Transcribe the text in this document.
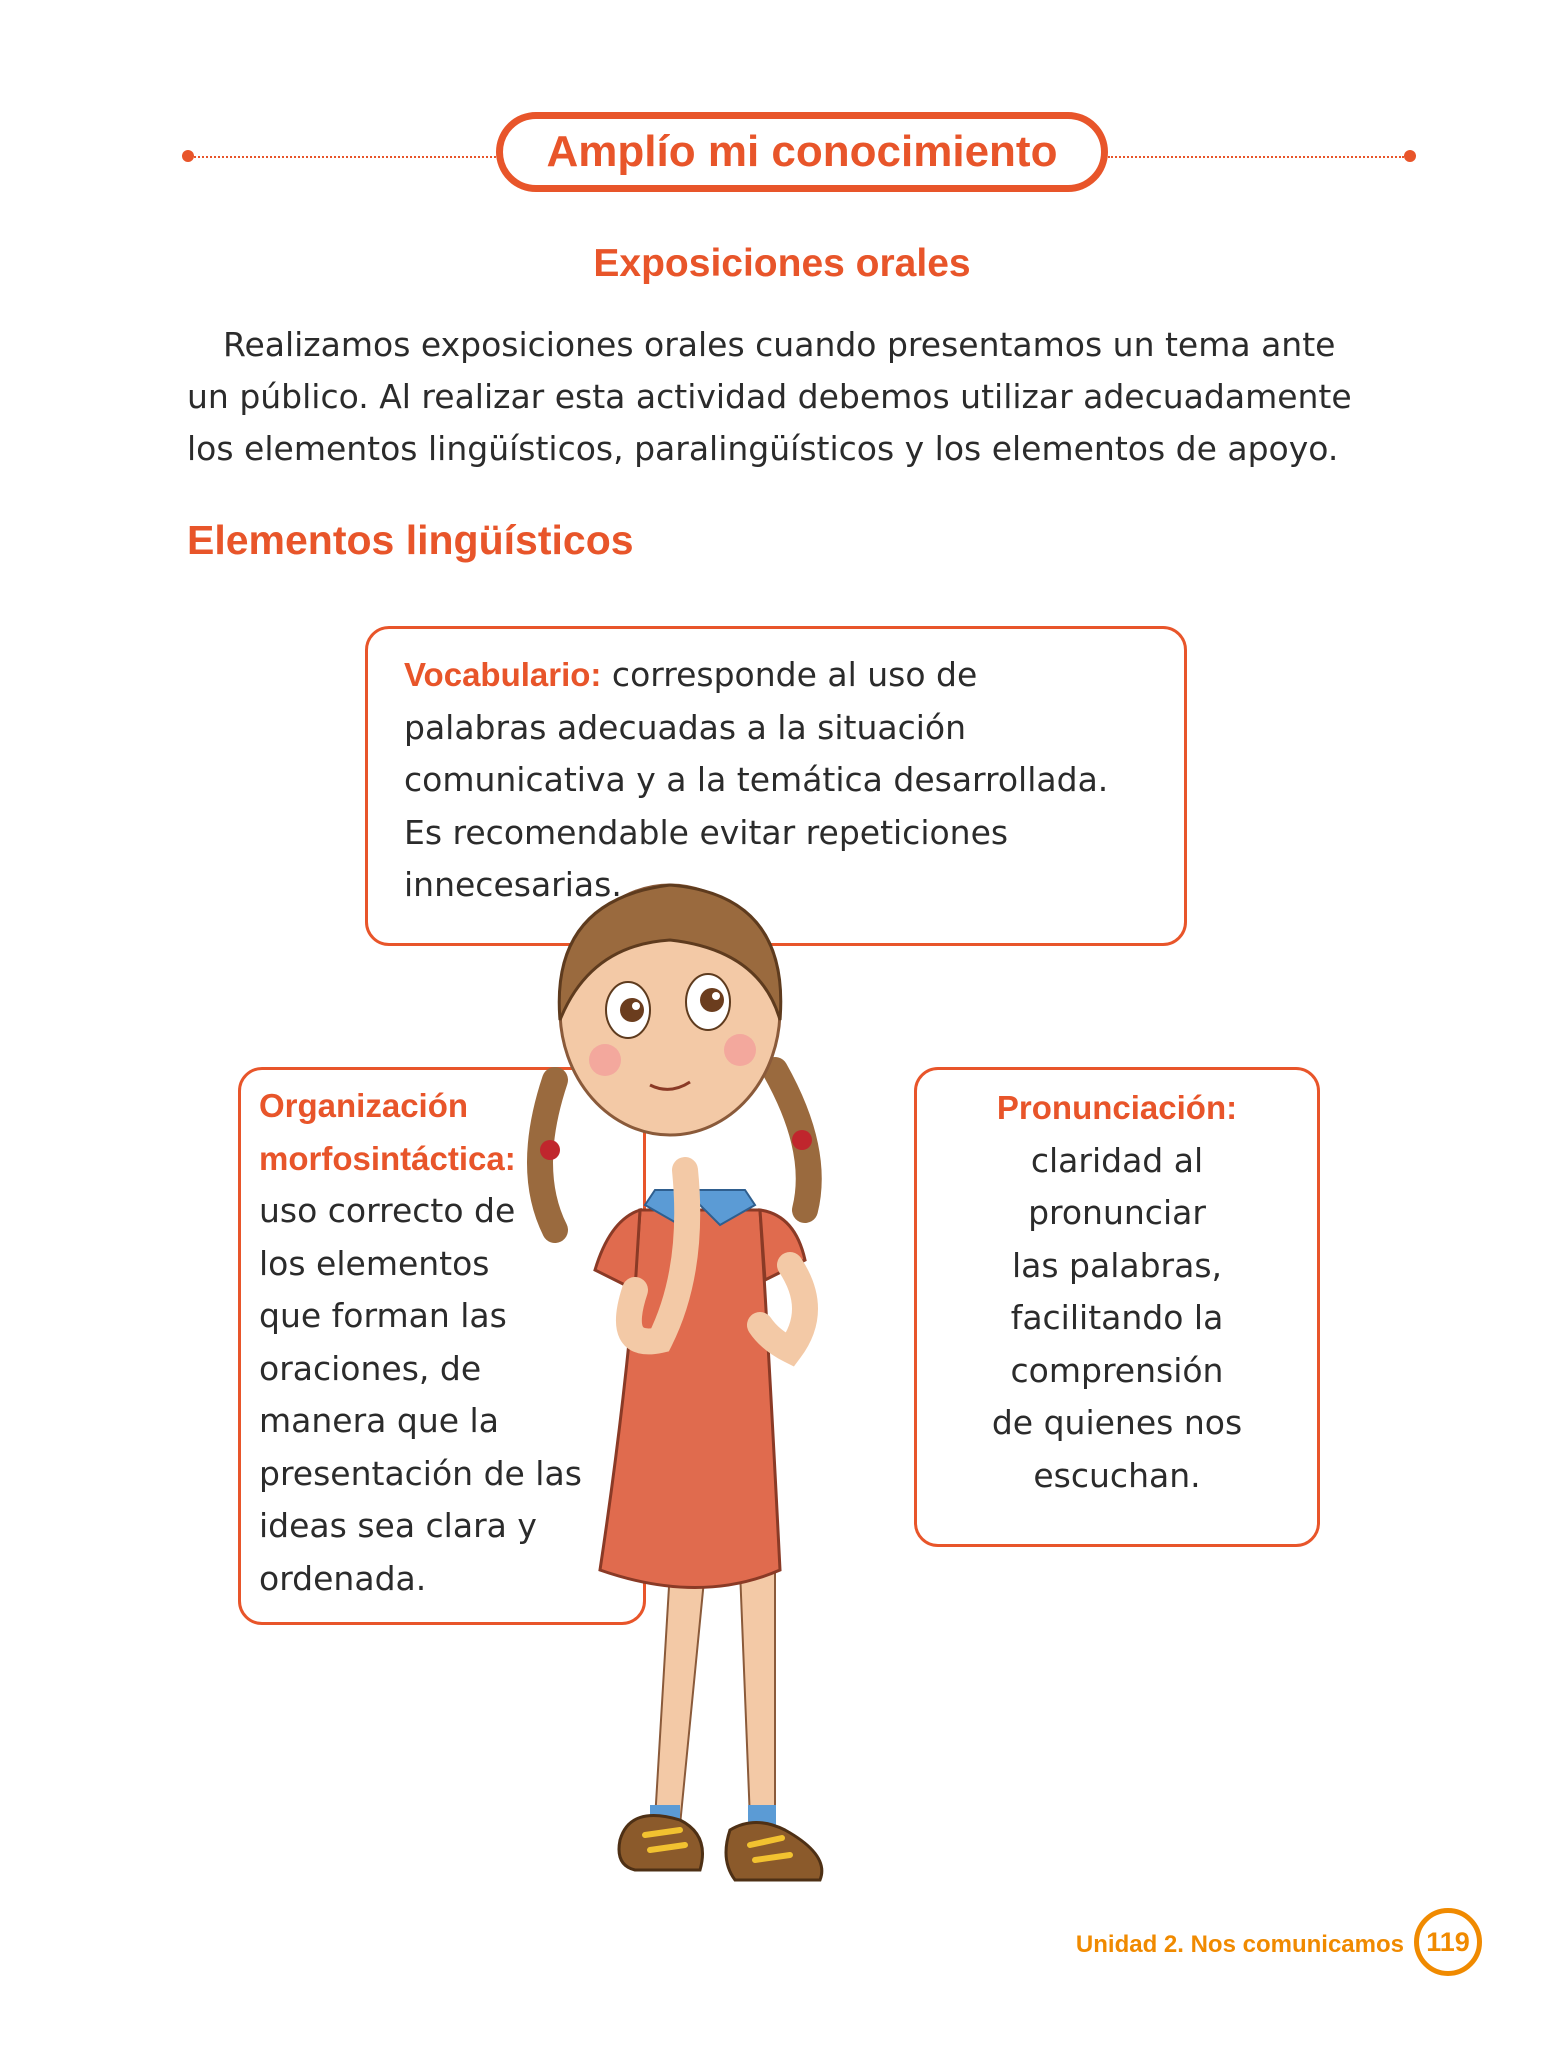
Amplío mi conocimiento
Exposiciones orales

Realizamos exposiciones orales cuando presentamos un tema ante
un público. Al realizar esta actividad debemos utilizar adecuadamente
los elementos lingüísticos, paralingüísticos y los elementos de apoyo.

Elementos lingüísticos
Vocabulario: corresponde al uso de
palabras adecuadas a la situación
comunicativa y a la temática desarrollada.
Es recomendable evitar repeticiones
innecesarias.
Organización
morfosintáctica:
uso correcto de
los elementos
que forman las
oraciones, de
manera que la
presentación de las
ideas sea clara y
ordenada.
Pronunciación:
claridad al
pronunciar
las palabras,
facilitando la
comprensión
de quienes nos
escuchan.
Unidad 2. Nos comunicamos 119
